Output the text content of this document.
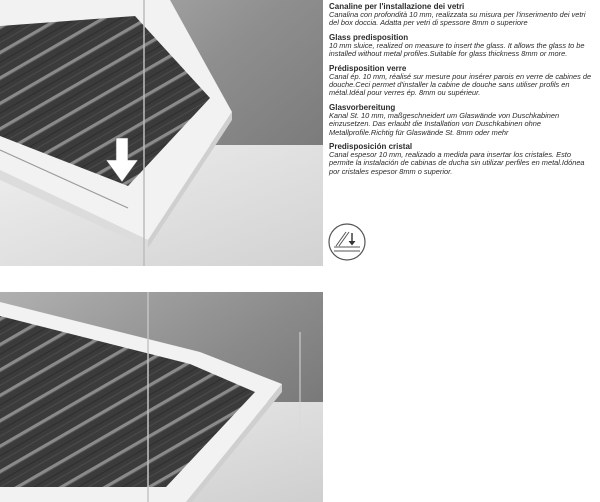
Canaline per l'installazione dei vetri
Canalina con profondità 10 mm, realizzata su misura per l'inserimento dei vetri del box doccia. Adatta per vetri di spessore 8mm o superiore
Glass predisposition
10 mm sluice, realized on measure to insert the glass. It allows the glass to be installed without metal profiles.Suitable for glass thickness 8mm or more.
Prédisposition verre
Canal ép. 10 mm, réalisé sur mesure pour insérer parois en verre de cabines de douche.Ceci permet d'installer la cabine de douche sans utiliser profils en métal.Idéal pour verres ép. 8mm ou supérieur.
Glasvorbereitung
Kanal St. 10 mm, maßgeschneidert um Glaswände von Duschkabinen einzusetzen. Das erlaubt die Installation von Duschkabinen ohne Metallprofile.Richtig für Glaswände St. 8mm oder mehr
Predisposición cristal
Canal espesor 10 mm, realizado a medida para insertar los cristales. Esto permite la instalación de cabinas de ducha sin utilizar perfiles en metal.Idónea por cristales espesor 8mm o superior.
